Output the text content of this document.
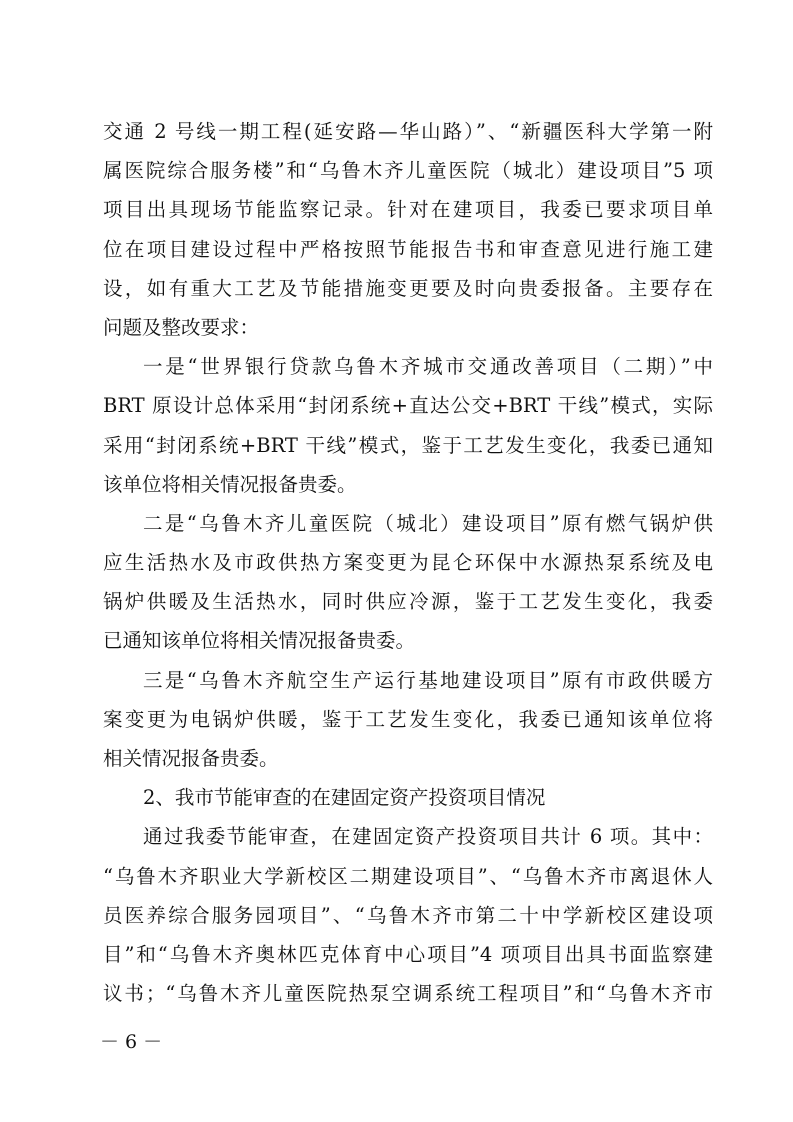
交通 2 号线一期工程(延安路—华山路）”、“新疆医科大学第一附
属医院综合服务楼”和“乌鲁木齐儿童医院（城北）建设项目”5 项
项目出具现场节能监察记录。针对在建项目，我委已要求项目单
位在项目建设过程中严格按照节能报告书和审查意见进行施工建
设，如有重大工艺及节能措施变更要及时向贵委报备。主要存在
问题及整改要求：
一是“世界银行贷款乌鲁木齐城市交通改善项目（二期）”中
BRT 原设计总体采用“封闭系统+直达公交+BRT 干线”模式，实际
采用“封闭系统+BRT 干线”模式，鉴于工艺发生变化，我委已通知
该单位将相关情况报备贵委。
二是“乌鲁木齐儿童医院（城北）建设项目”原有燃气锅炉供
应生活热水及市政供热方案变更为昆仑环保中水源热泵系统及电
锅炉供暖及生活热水，同时供应冷源，鉴于工艺发生变化，我委
已通知该单位将相关情况报备贵委。
三是“乌鲁木齐航空生产运行基地建设项目”原有市政供暖方
案变更为电锅炉供暖，鉴于工艺发生变化，我委已通知该单位将
相关情况报备贵委。
2、我市节能审查的在建固定资产投资项目情况
通过我委节能审查，在建固定资产投资项目共计 6 项。其中：
“乌鲁木齐职业大学新校区二期建设项目”、“乌鲁木齐市离退休人
员医养综合服务园项目”、“乌鲁木齐市第二十中学新校区建设项
目”和“乌鲁木齐奥林匹克体育中心项目”4 项项目出具书面监察建
议书；“乌鲁木齐儿童医院热泵空调系统工程项目”和“乌鲁木齐市
－ 6 －
